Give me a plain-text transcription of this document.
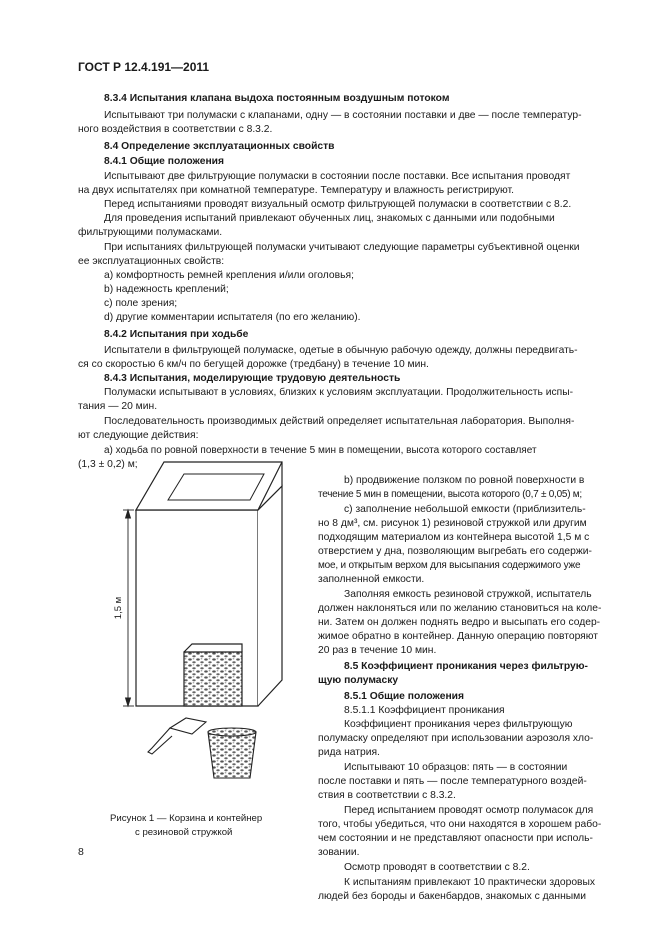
ГОСТ Р 12.4.191—2011
8.3.4 Испытания клапана выдоха постоянным воздушным потоком
Испытывают три полумаски с клапанами, одну — в состоянии поставки и две — после температур-
ного воздействия в соответствии с 8.3.2.
8.4 Определение эксплуатационных свойств
8.4.1 Общие положения
Испытывают две фильтрующие полумаски в состоянии после поставки. Все испытания проводят
на двух испытателях при комнатной температуре. Температуру и влажность регистрируют.
Перед испытаниями проводят визуальный осмотр фильтрующей полумаски в соответствии с 8.2.
Для проведения испытаний привлекают обученных лиц, знакомых с данными или подобными
фильтрующими полумасками.
При испытаниях фильтрующей полумаски учитывают следующие параметры субъективной оценки
ее эксплуатационных свойств:
a) комфортность ремней крепления и/или оголовья;
b) надежность креплений;
c) поле зрения;
d) другие комментарии испытателя (по его желанию).
8.4.2 Испытания при ходьбе
Испытатели в фильтрующей полумаске, одетые в обычную рабочую одежду, должны передвигать-
ся со скоростью 6 км/ч по бегущей дорожке (тредбану) в течение 10 мин.
8.4.3 Испытания, моделирующие трудовую деятельность
Полумаски испытывают в условиях, близких к условиям эксплуатации. Продолжительность испы-
тания — 20 мин.
Последовательность производимых действий определяет испытательная лаборатория. Выполня-
ют следующие действия:
a) ходьба по ровной поверхности в течение 5 мин в помещении, высота которого составляет
(1,3 ± 0,2) м;
b) продвижение ползком по ровной поверхности в
течение 5 мин в помещении, высота которого (0,7 ± 0,05) м;
c) заполнение небольшой емкости (приблизитель-
но 8 дм³, см. рисунок 1) резиновой стружкой или другим
подходящим материалом из контейнера высотой 1,5 м с
отверстием у дна, позволяющим выгребать его содержи-
мое, и открытым верхом для высыпания содержимого уже
заполненной емкости.
Заполняя емкость резиновой стружкой, испытатель
должен наклоняться или по желанию становиться на коле-
ни. Затем он должен поднять ведро и высыпать его содер-
жимое обратно в контейнер. Данную операцию повторяют
20 раз в течение 10 мин.
8.5 Коэффициент проникания через фильтрую-
щую полумаску
8.5.1 Общие положения
8.5.1.1 Коэффициент проникания
Коэффициент проникания через фильтрующую
полумаску определяют при использовании аэрозоля хло-
рида натрия.
Испытывают 10 образцов: пять — в состоянии
после поставки и пять — после температурного воздей-
ствия в соответствии с 8.3.2.
Перед испытанием проводят осмотр полумасок для
того, чтобы убедиться, что они находятся в хорошем рабо-
чем состоянии и не представляют опасности при исполь-
зовании.
Осмотр проводят в соответствии с 8.2.
К испытаниям привлекают 10 практически здоровых
людей без бороды и бакенбардов, знакомых с данными
1,5 м
Рисунок 1 — Корзина и контейнер
с резиновой стружкой
8
